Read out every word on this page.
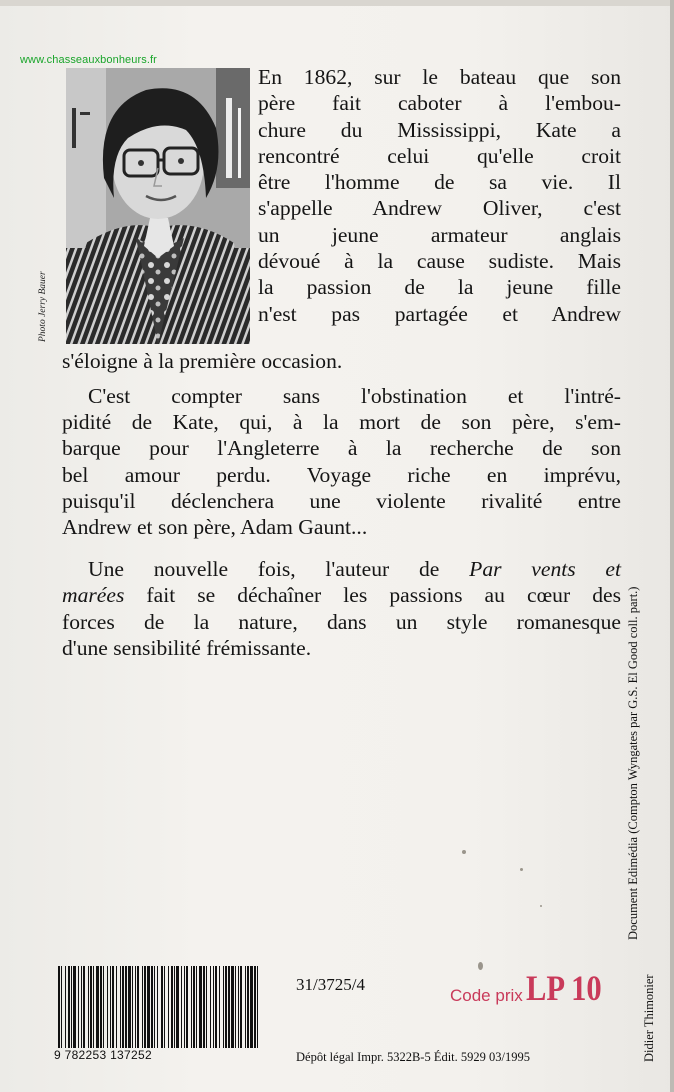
www.chasseauxbonheurs.fr
Photo Jerry Bauer
En 1862, sur le bateau que son
père fait caboter à l'embou-
chure du Mississippi, Kate a
rencontré celui qu'elle croit
être l'homme de sa vie. Il
s'appelle Andrew Oliver, c'est
un jeune armateur anglais
dévoué à la cause sudiste. Mais
la passion de la jeune fille
n'est pas partagée et Andrew
s'éloigne à la première occasion.
C'est compter sans l'obstination et l'intré-
pidité de Kate, qui, à la mort de son père, s'em-
barque pour l'Angleterre à la recherche de son
bel amour perdu. Voyage riche en imprévu,
puisqu'il déclenchera une violente rivalité entre
Andrew et son père, Adam Gaunt...
Une nouvelle fois, l'auteur de Par vents et
marées fait se déchaîner les passions au cœur des
forces de la nature, dans un style romanesque
d'une sensibilité frémissante.
9 782253 137252
31/3725/4
Code prix LP 10
Dépôt légal Impr. 5322B-5 Édit. 5929 03/1995	Didier Thimonier
Document Edimédia (Compton Wyngates par G.S. El Good coll. part.)
